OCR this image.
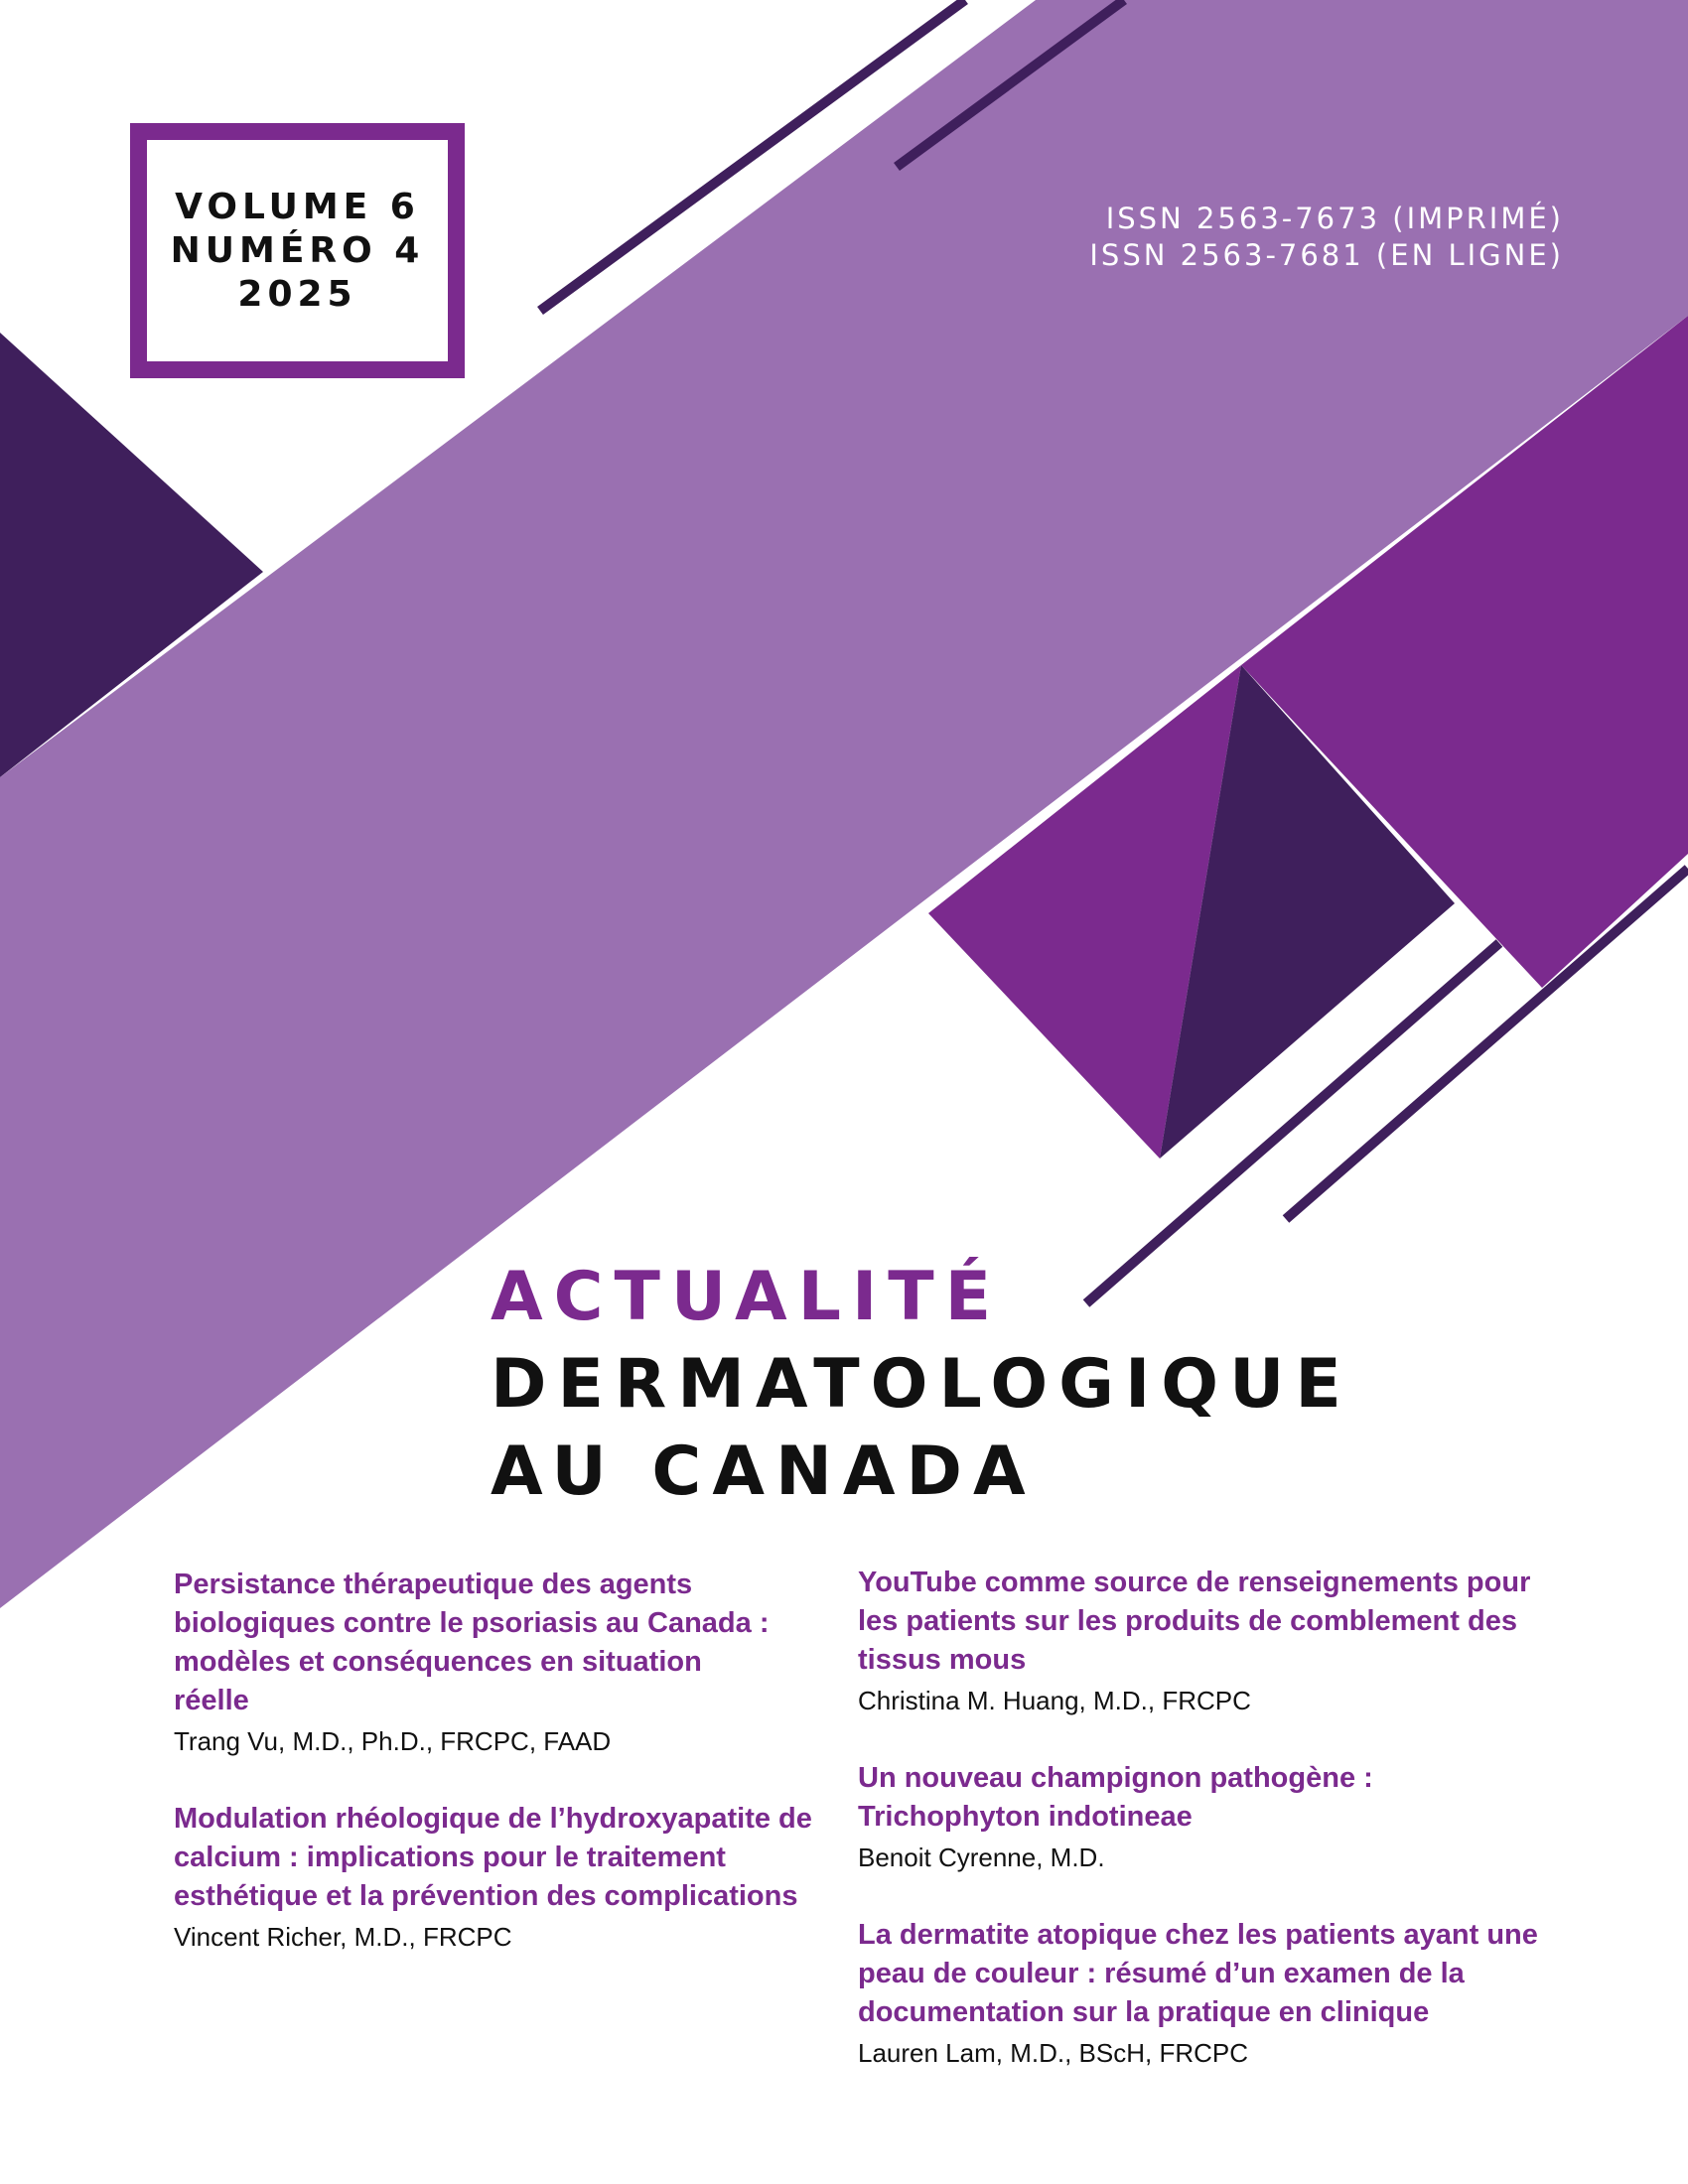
VOLUME 6
NUMÉRO 4
2025
ISSN 2563-7673 (IMPRIMÉ)
ISSN 2563-7681 (EN LIGNE)
ACTUALITÉ
DERMATOLOGIQUE
AU CANADA
Persistance thérapeutique des agents biologiques contre le psoriasis au Canada : modèles et conséquences en situation réelle
Trang Vu, M.D., Ph.D., FRCPC, FAAD
Modulation rhéologique de l’hydroxyapatite de calcium : implications pour le traitement esthétique et la prévention des complications
Vincent Richer, M.D., FRCPC
YouTube comme source de renseignements pour les patients sur les produits de comblement des tissus mous
Christina M. Huang, M.D., FRCPC
Un nouveau champignon pathogène : Trichophyton indotineae
Benoit Cyrenne, M.D.
La dermatite atopique chez les patients ayant une peau de couleur : résumé d’un examen de la documentation sur la pratique en clinique
Lauren Lam, M.D., BScH, FRCPC
